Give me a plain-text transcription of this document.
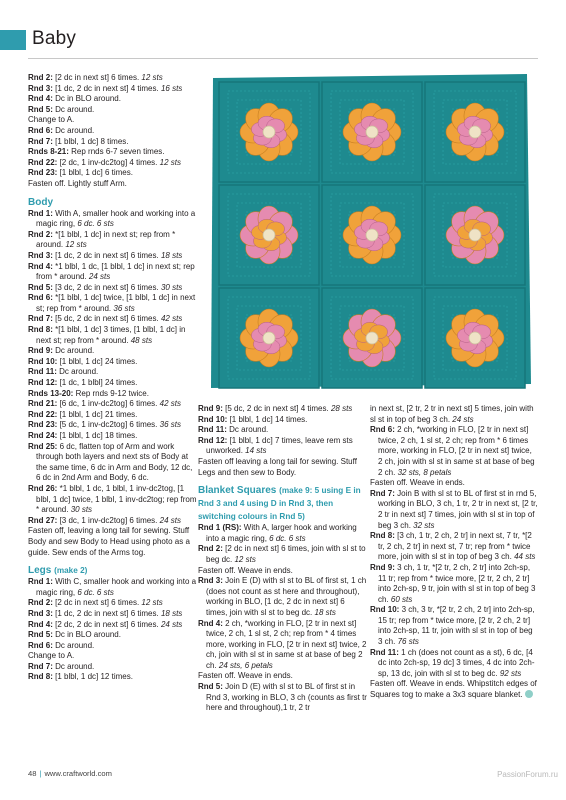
Baby

Rnd 2: [2 dc in next st] 6 times. 12 sts

Rnd 3: [1 dc, 2 dc in next st] 4 times. 16 sts

Rnd 4: Dc in BLO around.

Rnd 5: Dc around.

Change to A.

Rnd 6: Dc around.

Rnd 7: [1 blbl, 1 dc] 8 times.

Rnds 8-21: Rep rnds 6-7 seven times.

Rnd 22: [2 dc, 1 inv-dc2tog] 4 times. 12 sts

Rnd 23: [1 blbl, 1 dc] 6 times.

Fasten off. Lightly stuff Arm.

Body

Rnd 1: With A, smaller hook and working into a magic ring, 6 dc. 6 sts

Rnd 2: *[1 blbl, 1 dc] in next st; rep from * around. 12 sts

Rnd 3: [1 dc, 2 dc in next st] 6 times. 18 sts

Rnd 4: *1 blbl, 1 dc, [1 blbl, 1 dc] in next st; rep from * around. 24 sts

Rnd 5: [3 dc, 2 dc in next st] 6 times. 30 sts

Rnd 6: *[1 blbl, 1 dc] twice, [1 blbl, 1 dc] in next st; rep from * around. 36 sts

Rnd 7: [5 dc, 2 dc in next st] 6 times. 42 sts

Rnd 8: *[1 blbl, 1 dc] 3 times, [1 blbl, 1 dc] in next st; rep from * around. 48 sts

Rnd 9: Dc around.

Rnd 10: [1 blbl, 1 dc] 24 times.

Rnd 11: Dc around.

Rnd 12: [1 dc, 1 blbl] 24 times.

Rnds 13-20: Rep rnds 9-12 twice.

Rnd 21: [6 dc, 1 inv-dc2tog] 6 times. 42 sts

Rnd 22: [1 blbl, 1 dc] 21 times.

Rnd 23: [5 dc, 1 inv-dc2tog] 6 times. 36 sts

Rnd 24: [1 blbl, 1 dc] 18 times.

Rnd 25: 6 dc, flatten top of Arm and work through both layers and next sts of Body at the same time, 6 dc in Arm and Body, 12 dc, 6 dc in 2nd Arm and Body, 6 dc.

Rnd 26: *1 blbl, 1 dc, 1 blbl, 1 inv-dc2tog, [1 blbl, 1 dc] twice, 1 blbl, 1 inv-dc2tog; rep from * around. 30 sts

Rnd 27: [3 dc, 1 inv-dc2tog] 6 times. 24 sts

Fasten off, leaving a long tail for sewing. Stuff Body and sew Body to Head using photo as a guide. Sew ends of the Arms tog.

Legs (make 2)

Rnd 1: With C, smaller hook and working into a magic ring, 6 dc. 6 sts

Rnd 2: [2 dc in next st] 6 times. 12 sts

Rnd 3: [1 dc, 2 dc in next st] 6 times. 18 sts

Rnd 4: [2 dc, 2 dc in next st] 6 times. 24 sts

Rnd 5: Dc in BLO around.

Rnd 6: Dc around.

Change to A.

Rnd 7: Dc around.

Rnd 8: [1 blbl, 1 dc] 12 times.

Rnd 9: [5 dc, 2 dc in next st] 4 times. 28 sts

Rnd 10: [1 blbl, 1 dc] 14 times.

Rnd 11: Dc around.

Rnd 12: [1 blbl, 1 dc] 7 times, leave rem sts unworked. 14 sts

Fasten off leaving a long tail for sewing. Stuff Legs and then sew to Body.

Blanket Squares (make 9: 5 using E in Rnd 3 and 4 using D in Rnd 3, then switching colours in Rnd 5)

Rnd 1 (RS): With A, larger hook and working into a magic ring, 6 dc. 6 sts

Rnd 2: [2 dc in next st] 6 times, join with sl st to beg dc. 12 sts

Fasten off. Weave in ends.

Rnd 3: Join E (D) with sl st to BL of first st, 1 ch (does not count as st here and throughout), working in BLO, [1 dc, 2 dc in next st] 6 times, join with sl st to beg dc. 18 sts

Rnd 4: 2 ch, *working in FLO, [2 tr in next st] twice, 2 ch, 1 sl st, 2 ch; rep from * 4 times more, working in FLO, [2 tr in next st] twice, 2 ch, join with sl st in same st at base of beg 2 ch. 24 sts, 6 petals

Fasten off. Weave in ends.

Rnd 5: Join D (E) with sl st to BL of first st in Rnd 3, working in BLO, 3 ch (counts as first tr here and throughout),1 tr, 2 tr

in next st, [2 tr, 2 tr in next st] 5 times, join with sl st in top of beg 3 ch. 24 sts

Rnd 6: 2 ch, *working in FLO, [2 tr in next st] twice, 2 ch, 1 sl st, 2 ch; rep from * 6 times more, working in FLO, [2 tr in next st] twice, 2 ch, join with sl st in same st at base of beg 2 ch. 32 sts, 8 petals

Fasten off. Weave in ends.

Rnd 7: Join B with sl st to BL of first st in rnd 5, working in BLO, 3 ch, 1 tr, 2 tr in next st, [2 tr, 2 tr in next st] 7 times, join with sl st in top of beg 3 ch. 32 sts

Rnd 8: [3 ch, 1 tr, 2 ch, 2 tr] in next st, 7 tr, *[2 tr, 2 ch, 2 tr] in next st, 7 tr; rep from * twice more, join with sl st in top of beg 3 ch. 44 sts

Rnd 9: 3 ch, 1 tr, *[2 tr, 2 ch, 2 tr] into 2ch-sp, 11 tr; rep from * twice more, [2 tr, 2 ch, 2 tr] into 2ch-sp, 9 tr, join with sl st in top of beg 3 ch. 60 sts

Rnd 10: 3 ch, 3 tr, *[2 tr, 2 ch, 2 tr] into 2ch-sp, 15 tr; rep from * twice more, [2 tr, 2 ch, 2 tr] into 2ch-sp, 11 tr, join with sl st in top of beg 3 ch. 76 sts

Rnd 11: 1 ch (does not count as a st), 6 dc, [4 dc into 2ch-sp, 19 dc] 3 times, 4 dc into 2ch-sp, 13 dc, join with sl st to beg dc. 92 sts

Fasten off. Weave in ends. Whipstitch edges of Squares tog to make a 3x3 square blanket.

48 | www.craftworld.com	PassionForum.ru
